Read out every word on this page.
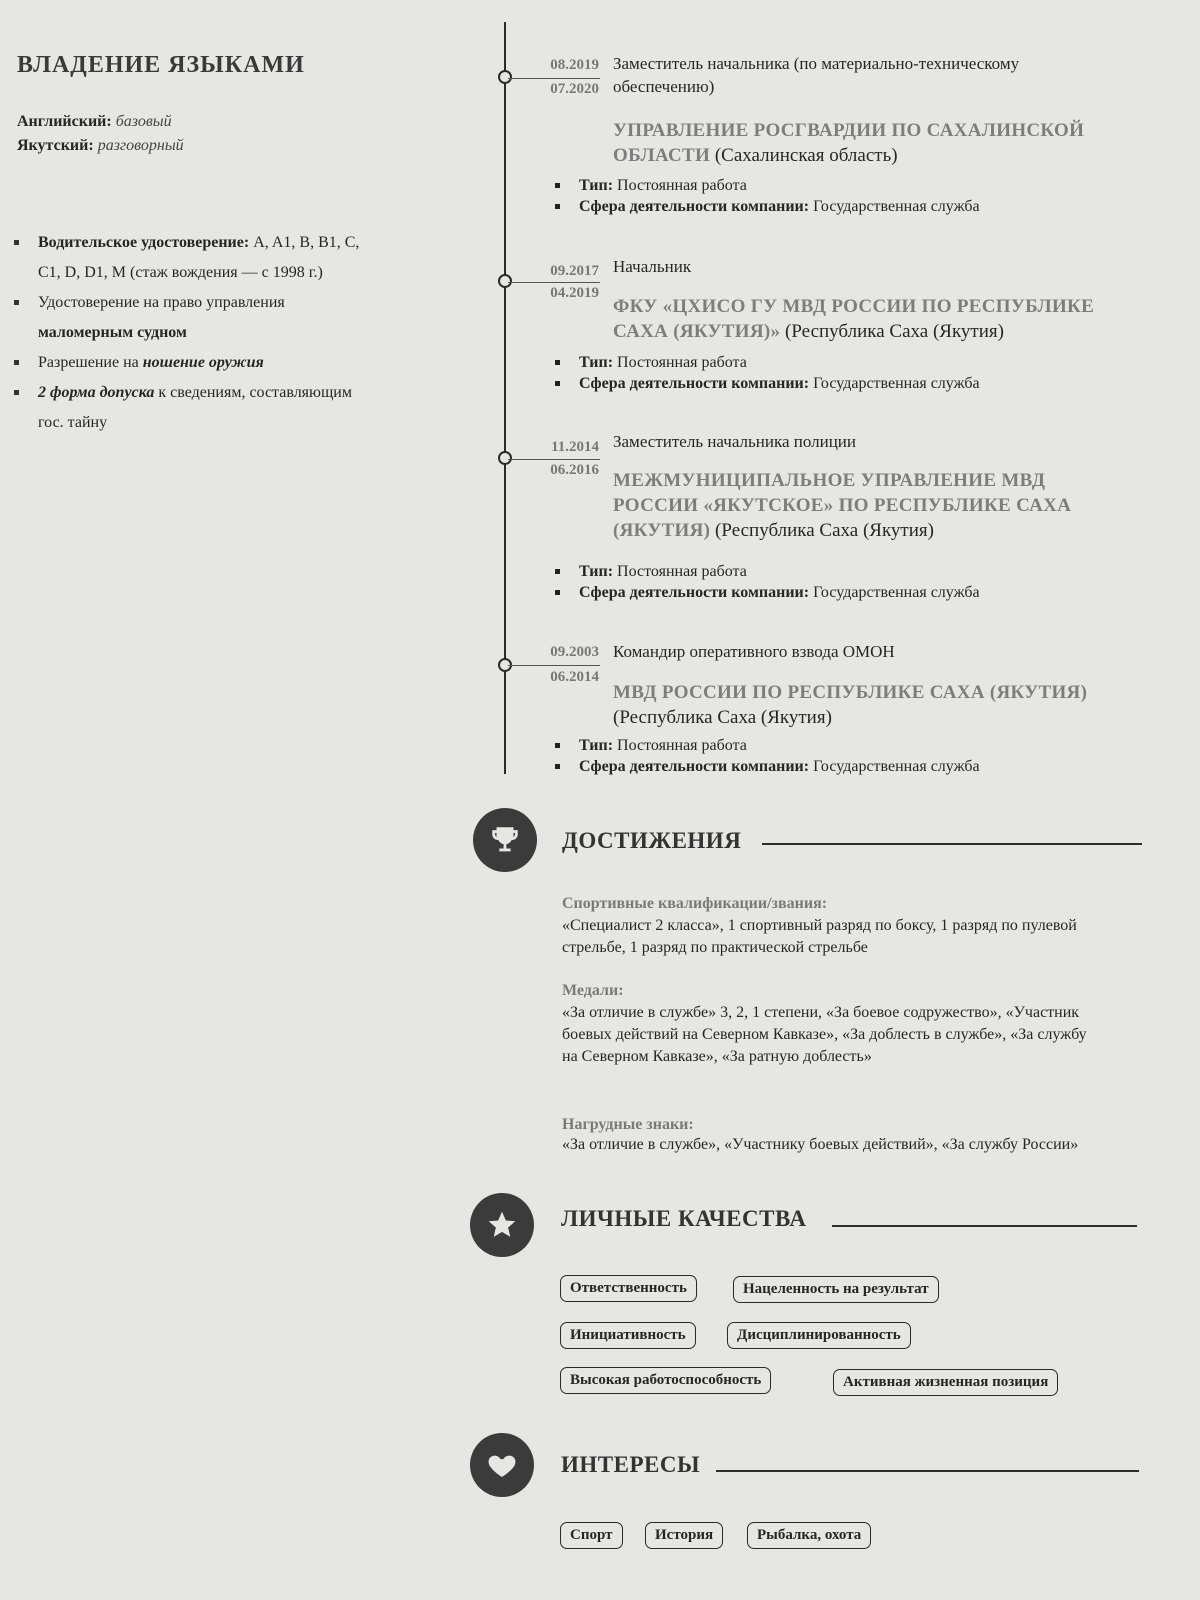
ВЛАДЕНИЕ ЯЗЫКАМИ
Английский: базовый
Якутский: разговорный
Водительское удостоверение: A, A1, B, B1, C,
C1, D, D1, M (стаж вождения — с 1998 г.)
Удостоверение на право управления
маломерным судном
Разрешение на ношение оружия
2 форма допуска к сведениям, составляющим
гос. тайну
08.2019
07.2020
Заместитель начальника (по материально-техническому обеспечению)
УПРАВЛЕНИЕ РОСГВАРДИИ ПО САХАЛИНСКОЙ ОБЛАСТИ (Сахалинская область)
Тип: Постоянная работа
Сфера деятельности компании: Государственная служба
09.2017
04.2019
Начальник
ФКУ «ЦХИСО ГУ МВД РОССИИ ПО РЕСПУБЛИКЕ САХА (ЯКУТИЯ)» (Республика Саха (Якутия)
Тип: Постоянная работа
Сфера деятельности компании: Государственная служба
11.2014
06.2016
Заместитель начальника полиции
МЕЖМУНИЦИПАЛЬНОЕ УПРАВЛЕНИЕ МВД РОССИИ «ЯКУТСКОЕ» ПО РЕСПУБЛИКЕ САХА (ЯКУТИЯ) (Республика Саха (Якутия)
Тип: Постоянная работа
Сфера деятельности компании: Государственная служба
09.2003
06.2014
Командир оперативного взвода ОМОН
МВД РОССИИ ПО РЕСПУБЛИКЕ САХА (ЯКУТИЯ) (Республика Саха (Якутия)
Тип: Постоянная работа
Сфера деятельности компании: Государственная служба
ДОСТИЖЕНИЯ
Спортивные квалификации/звания:
«Специалист 2 класса», 1 спортивный разряд по боксу, 1 разряд по пулевой стрельбе, 1 разряд по практической стрельбе
Медали:
«За отличие в службе» 3, 2, 1 степени, «За боевое содружество», «Участник боевых действий на Северном Кавказе», «За доблесть в службе», «За службу на Северном Кавказе», «За ратную доблесть»
Нагрудные знаки:
«За отличие в службе», «Участнику боевых действий», «За службу России»
ЛИЧНЫЕ КАЧЕСТВА
Ответственность	Нацеленность на результат
Инициативность	Дисциплинированность
Высокая работоспособность	Активная жизненная позиция
ИНТЕРЕСЫ
Спорт	История	Рыбалка, охота
